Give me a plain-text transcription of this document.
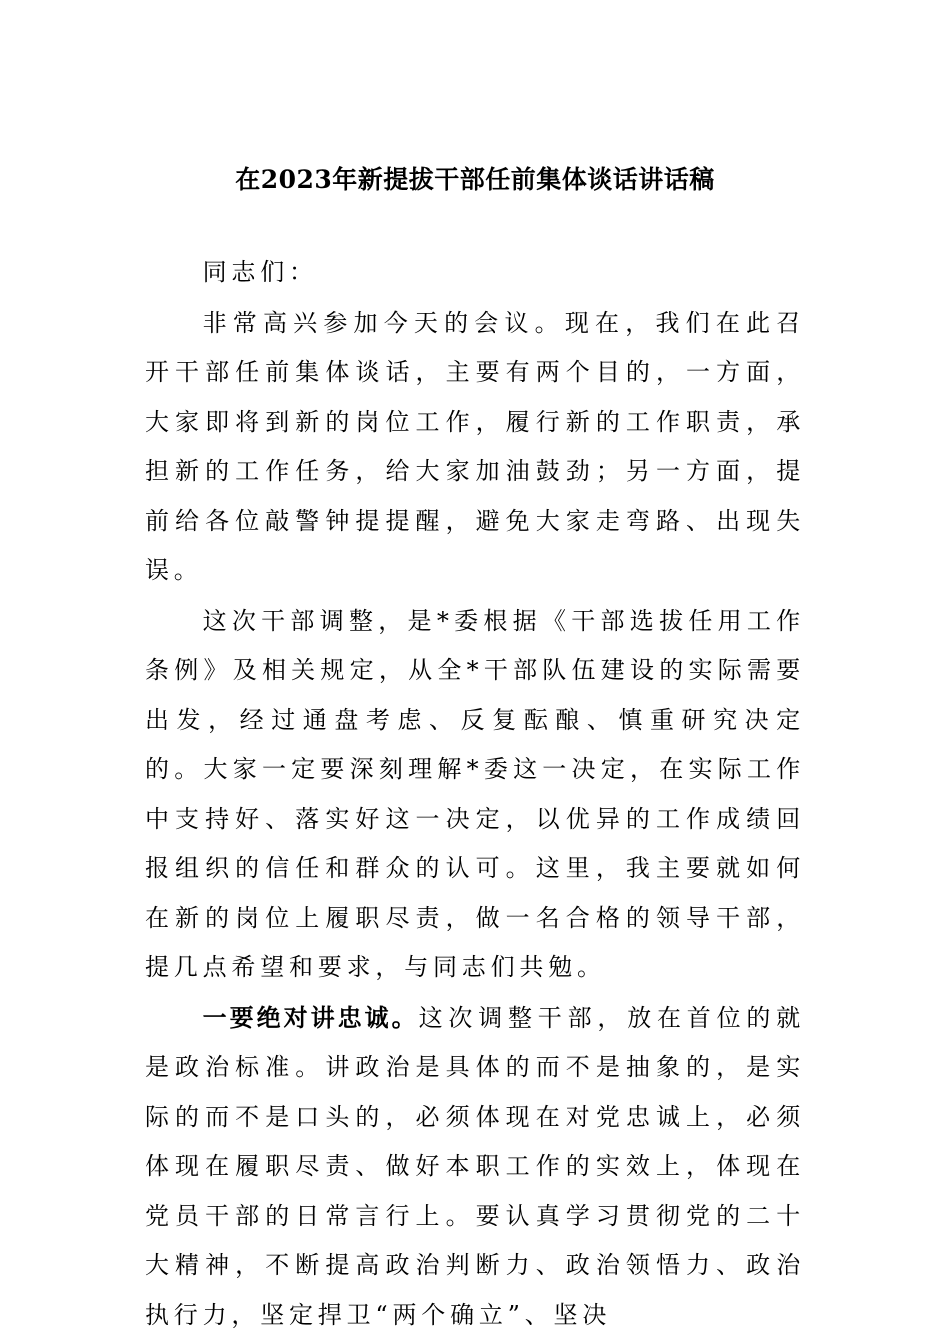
在2023年新提拔干部任前集体谈话讲话稿

同志们：

非常高兴参加今天的会议。现在，我们在此召开干部任前集体谈话，主要有两个目的，一方面，大家即将到新的岗位工作，履行新的工作职责，承担新的工作任务，给大家加油鼓劲；另一方面，提前给各位敲警钟提提醒，避免大家走弯路、出现失误。

这次干部调整，是*委根据《干部选拔任用工作条例》及相关规定，从全*干部队伍建设的实际需要出发，经过通盘考虑、反复酝酿、慎重研究决定的。大家一定要深刻理解*委这一决定，在实际工作中支持好、落实好这一决定，以优异的工作成绩回报组织的信任和群众的认可。这里，我主要就如何在新的岗位上履职尽责，做一名合格的领导干部，提几点希望和要求，与同志们共勉。

一要绝对讲忠诚。这次调整干部，放在首位的就是政治标准。讲政治是具体的而不是抽象的，是实际的而不是口头的，必须体现在对党忠诚上，必须体现在履职尽责、做好本职工作的实效上，体现在党员干部的日常言行上。要认真学习贯彻党的二十大精神，不断提高政治判断力、政治领悟力、政治执行力，坚定捍卫“两个确立”、坚决
